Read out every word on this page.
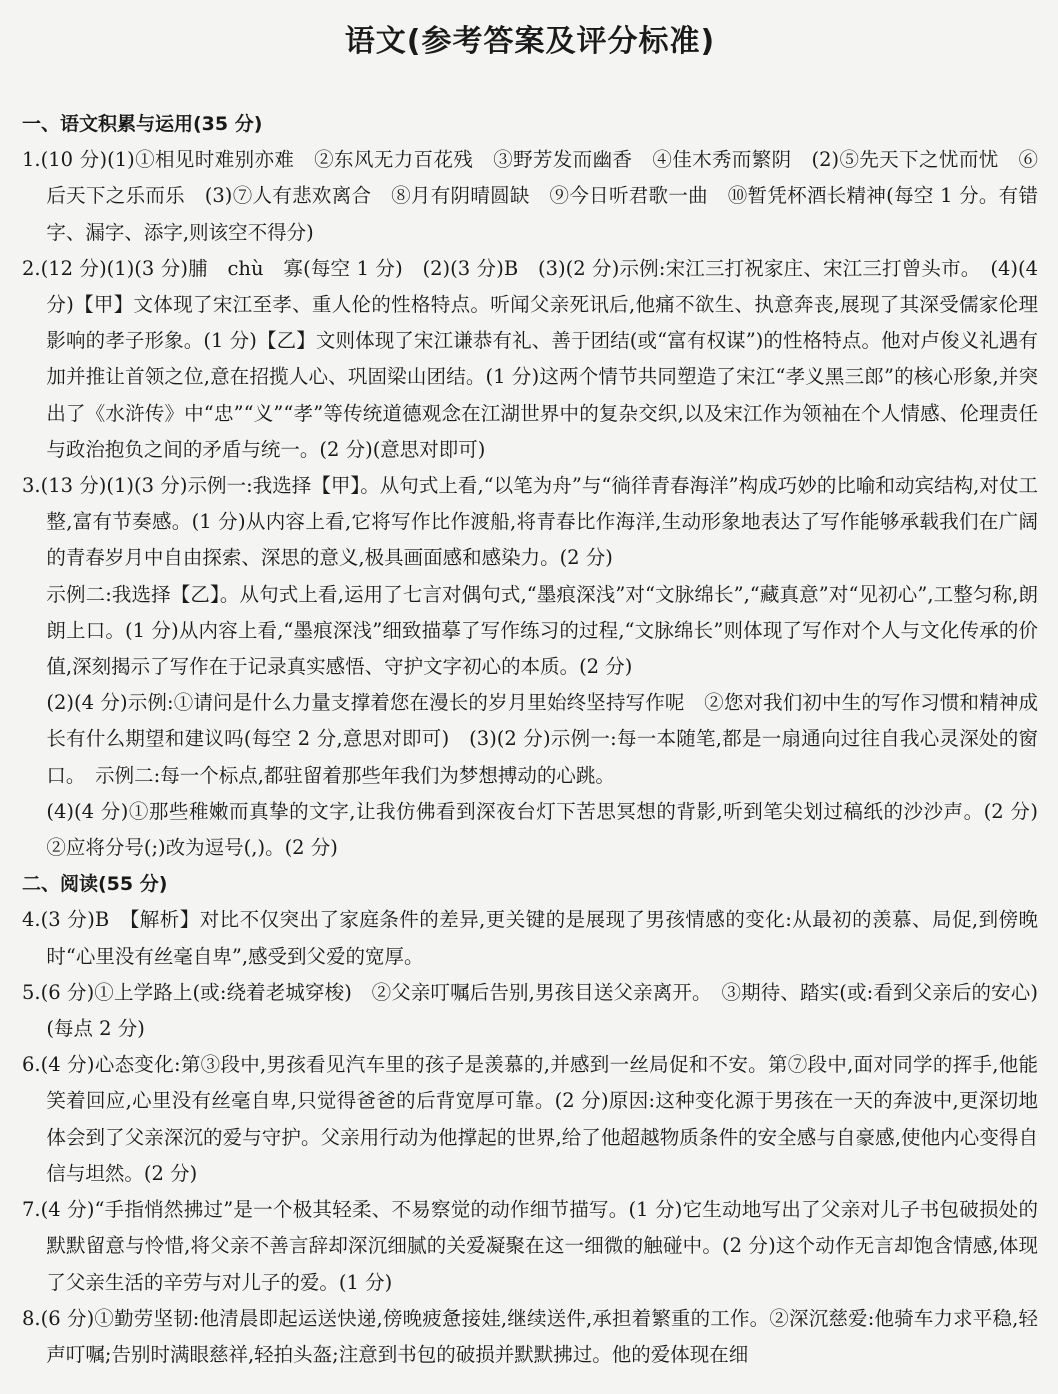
语文(参考答案及评分标准)

一、语文积累与运用(35 分)

1.(10 分)(1)①相见时难别亦难　②东风无力百花残　③野芳发而幽香　④佳木秀而繁阴　(2)⑤先天下之忧而忧　⑥后天下之乐而乐　(3)⑦人有悲欢离合　⑧月有阴晴圆缺　⑨今日听君歌一曲　⑩暂凭杯酒长精神(每空 1 分。有错字、漏字、添字,则该空不得分)

2.(12 分)(1)(3 分)脯　chù　寡(每空 1 分)　(2)(3 分)B　(3)(2 分)示例:宋江三打祝家庄、宋江三打曾头市。　(4)(4 分)【甲】文体现了宋江至孝、重人伦的性格特点。听闻父亲死讯后,他痛不欲生、执意奔丧,展现了其深受儒家伦理影响的孝子形象。(1 分)【乙】文则体现了宋江谦恭有礼、善于团结(或“富有权谋”)的性格特点。他对卢俊义礼遇有加并推让首领之位,意在招揽人心、巩固梁山团结。(1 分)这两个情节共同塑造了宋江“孝义黑三郎”的核心形象,并突出了《水浒传》中“忠”“义”“孝”等传统道德观念在江湖世界中的复杂交织,以及宋江作为领袖在个人情感、伦理责任与政治抱负之间的矛盾与统一。(2 分)(意思对即可)

3.(13 分)(1)(3 分)示例一:我选择【甲】。从句式上看,“以笔为舟”与“徜徉青春海洋”构成巧妙的比喻和动宾结构,对仗工整,富有节奏感。(1 分)从内容上看,它将写作比作渡船,将青春比作海洋,生动形象地表达了写作能够承载我们在广阔的青春岁月中自由探索、深思的意义,极具画面感和感染力。(2 分)

示例二:我选择【乙】。从句式上看,运用了七言对偶句式,“墨痕深浅”对“文脉绵长”,“藏真意”对“见初心”,工整匀称,朗朗上口。(1 分)从内容上看,“墨痕深浅”细致描摹了写作练习的过程,“文脉绵长”则体现了写作对个人与文化传承的价值,深刻揭示了写作在于记录真实感悟、守护文字初心的本质。(2 分)

(2)(4 分)示例:①请问是什么力量支撑着您在漫长的岁月里始终坚持写作呢　②您对我们初中生的写作习惯和精神成长有什么期望和建议吗(每空 2 分,意思对即可)　(3)(2 分)示例一:每一本随笔,都是一扇通向过往自我心灵深处的窗口。　示例二:每一个标点,都驻留着那些年我们为梦想搏动的心跳。

(4)(4 分)①那些稚嫩而真挚的文字,让我仿佛看到深夜台灯下苦思冥想的背影,听到笔尖划过稿纸的沙沙声。(2 分)　②应将分号(;)改为逗号(,)。(2 分)

二、阅读(55 分)

4.(3 分)B　【解析】对比不仅突出了家庭条件的差异,更关键的是展现了男孩情感的变化:从最初的羡慕、局促,到傍晚时“心里没有丝毫自卑”,感受到父爱的宽厚。

5.(6 分)①上学路上(或:绕着老城穿梭)　②父亲叮嘱后告别,男孩目送父亲离开。　③期待、踏实(或:看到父亲后的安心)(每点 2 分)

6.(4 分)心态变化:第③段中,男孩看见汽车里的孩子是羡慕的,并感到一丝局促和不安。第⑦段中,面对同学的挥手,他能笑着回应,心里没有丝毫自卑,只觉得爸爸的后背宽厚可靠。(2 分)原因:这种变化源于男孩在一天的奔波中,更深切地体会到了父亲深沉的爱与守护。父亲用行动为他撑起的世界,给了他超越物质条件的安全感与自豪感,使他内心变得自信与坦然。(2 分)

7.(4 分)“手指悄然拂过”是一个极其轻柔、不易察觉的动作细节描写。(1 分)它生动地写出了父亲对儿子书包破损处的默默留意与怜惜,将父亲不善言辞却深沉细腻的关爱凝聚在这一细微的触碰中。(2 分)这个动作无言却饱含情感,体现了父亲生活的辛劳与对儿子的爱。(1 分)

8.(6 分)①勤劳坚韧:他清晨即起运送快递,傍晚疲惫接娃,继续送件,承担着繁重的工作。②深沉慈爱:他骑车力求平稳,轻声叮嘱;告别时满眼慈祥,轻拍头盔;注意到书包的破损并默默拂过。他的爱体现在细
